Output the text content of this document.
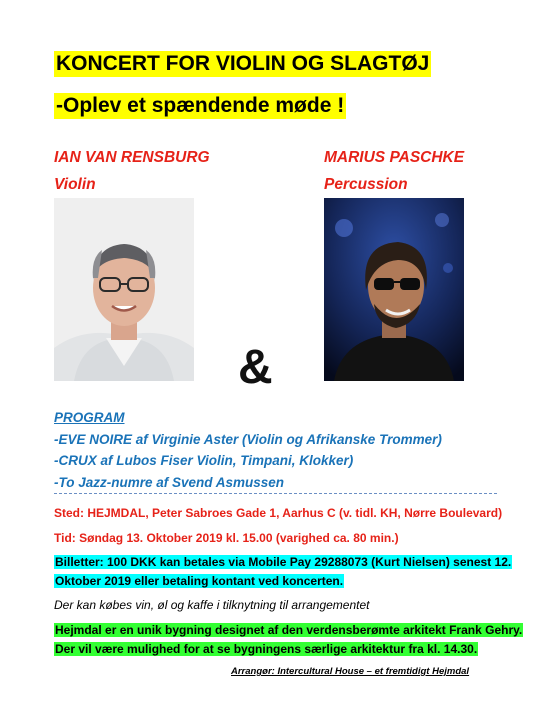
KONCERT FOR VIOLIN OG SLAGTØJ
-Oplev et spændende møde !
IAN VAN RENSBURG
Violin
MARIUS PASCHKE
Percussion
&
PROGRAM
-EVE NOIRE af Virginie Aster (Violin og Afrikanske Trommer)
-CRUX af Lubos Fiser Violin, Timpani, Klokker)
-To Jazz-numre af Svend Asmussen
Sted: HEJMDAL, Peter Sabroes Gade 1, Aarhus C (v. tidl. KH, Nørre Boulevard)
Tid: Søndag 13. Oktober 2019 kl. 15.00 (varighed ca. 80 min.)
Billetter: 100 DKK kan betales via Mobile Pay 29288073 (Kurt Nielsen) senest 12.
Oktober 2019 eller betaling kontant ved koncerten.
Der kan købes vin, øl og kaffe i tilknytning til arrangementet
Hejmdal er en unik bygning designet af den verdensberømte arkitekt Frank Gehry.
Der vil være mulighed for at se bygningens særlige arkitektur fra kl. 14.30.
Arrangør: Intercultural House – et fremtidigt Hejmdal
